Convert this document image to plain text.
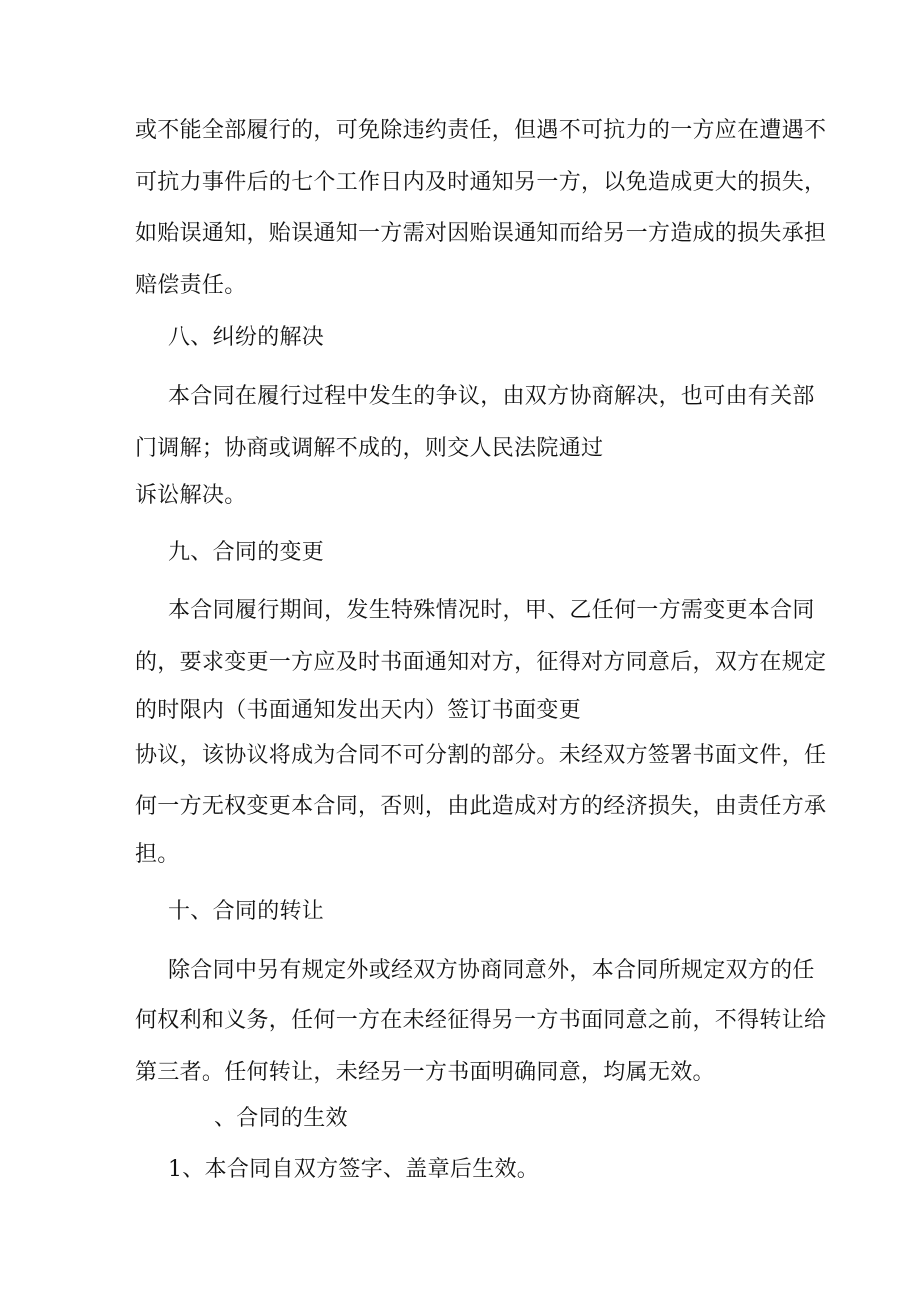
或不能全部履行的，可免除违约责任，但遇不可抗力的一方应在遭遇不
可抗力事件后的七个工作日内及时通知另一方，以免造成更大的损失，
如贻误通知，贻误通知一方需对因贻误通知而给另一方造成的损失承担
赔偿责任。
八、纠纷的解决
本合同在履行过程中发生的争议，由双方协商解决，也可由有关部
门调解；协商或调解不成的，则交人民法院通过
诉讼解决。
九、合同的变更
本合同履行期间，发生特殊情况时，甲、乙任何一方需变更本合同
的，要求变更一方应及时书面通知对方，征得对方同意后，双方在规定
的时限内（书面通知发出天内）签订书面变更
协议，该协议将成为合同不可分割的部分。未经双方签署书面文件，任
何一方无权变更本合同，否则，由此造成对方的经济损失，由责任方承
担。
十、合同的转让
除合同中另有规定外或经双方协商同意外，本合同所规定双方的任
何权利和义务，任何一方在未经征得另一方书面同意之前，不得转让给
第三者。任何转让，未经另一方书面明确同意，均属无效。
、合同的生效
1、本合同自双方签字、盖章后生效。
